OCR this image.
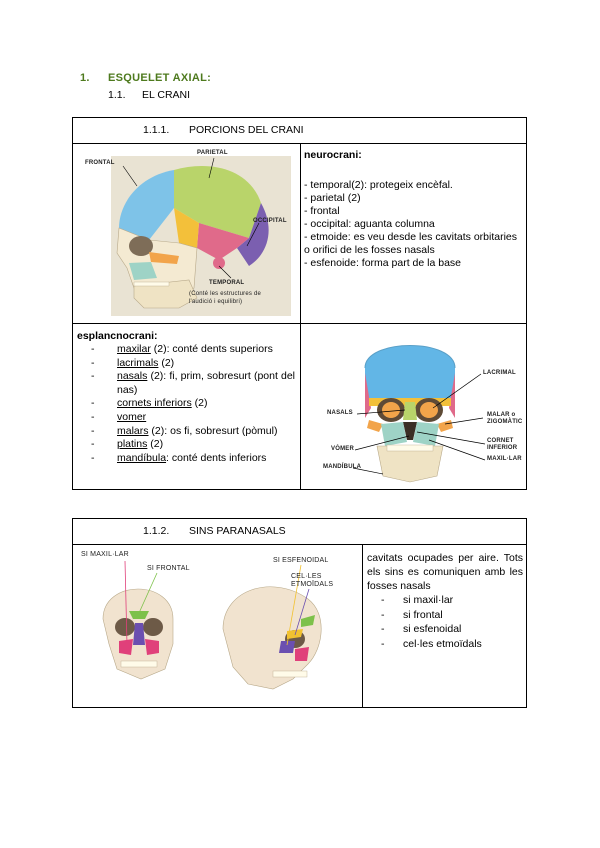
1. ESQUELET AXIAL:
1.1. EL CRANI
1.1.1. PORCIONS DEL CRANI
FRONTAL
PARIETAL
OCCIPITAL
TEMPORAL
(Conté les estructures de l'audició i equilibri)
neurocrani:
- temporal(2): protegeix encèfal.
- parietal (2)
- frontal
- occipital: aguanta columna
- etmoide: es veu desde les cavitats orbitaries o orifici de les fosses nasals
- esfenoide: forma part de la base
esplancnocrani:
- maxilar (2): conté dents superiors
- lacrimals (2)
- nasals (2): fi, prim, sobresurt (pont del nas)
- cornets inferiors (2)
- vomer
- malars (2): os fi, sobresurt (pòmul)
- platins (2)
- mandíbula: conté dents inferiors
LACRIMAL
NASALS	MALAR o ZIGOMÀTIC
CORNET INFERIOR
VÒMER
MAXIL·LAR
MANDÍBULA
1.1.2. SINS PARANASALS
SI MAXIL·LAR
SI FRONTAL
SI ESFENOIDAL
CEL·LES ETMOÏDALS
cavitats ocupades per aire. Tots els sins es comuniquen amb les fosses nasals
- si maxil·lar
- si frontal
- si esfenoidal
- cel·les etmoïdals
